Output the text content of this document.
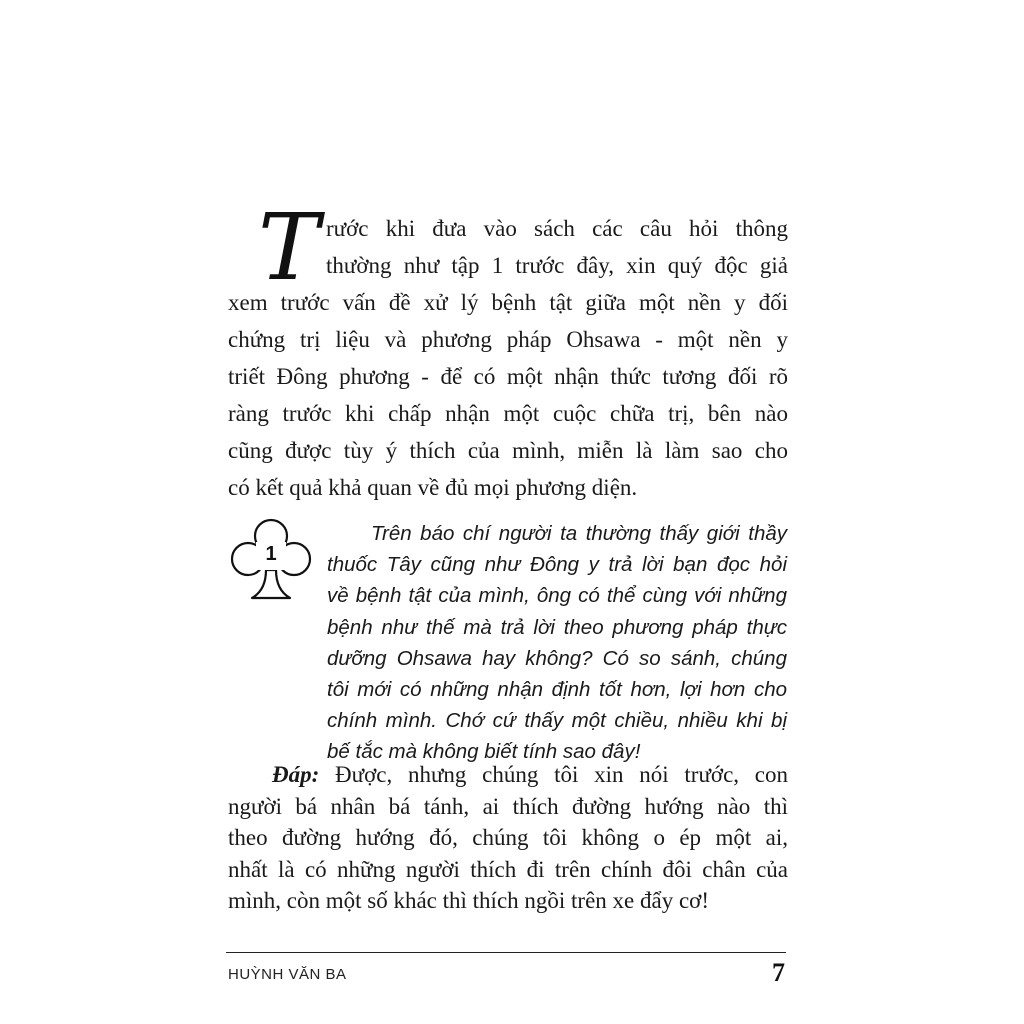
T rước khi đưa vào sách các câu hỏi thông
thường như tập 1 trước đây, xin quý độc giả
xem trước vấn đề xử lý bệnh tật giữa một nền y đối
chứng trị liệu và phương pháp Ohsawa - một nền y
triết Đông phương - để có một nhận thức tương đối rõ
ràng trước khi chấp nhận một cuộc chữa trị, bên nào
cũng được tùy ý thích của mình, miễn là làm sao cho
có kết quả khả quan về đủ mọi phương diện.
1
Trên báo chí người ta thường thấy giới thầy
thuốc Tây cũng như Đông y trả lời bạn đọc hỏi
về bệnh tật của mình, ông có thể cùng với những
bệnh như thế mà trả lời theo phương pháp thực
dưỡng Ohsawa hay không? Có so sánh, chúng
tôi mới có những nhận định tốt hơn, lợi hơn cho
chính mình. Chớ cứ thấy một chiều, nhiều khi bị
bế tắc mà không biết tính sao đây!
Đáp: Được, nhưng chúng tôi xin nói trước, con
người bá nhân bá tánh, ai thích đường hướng nào thì
theo đường hướng đó, chúng tôi không o ép một ai,
nhất là có những người thích đi trên chính đôi chân của
mình, còn một số khác thì thích ngồi trên xe đẩy cơ!
HUỲNH VĂN BA	7
